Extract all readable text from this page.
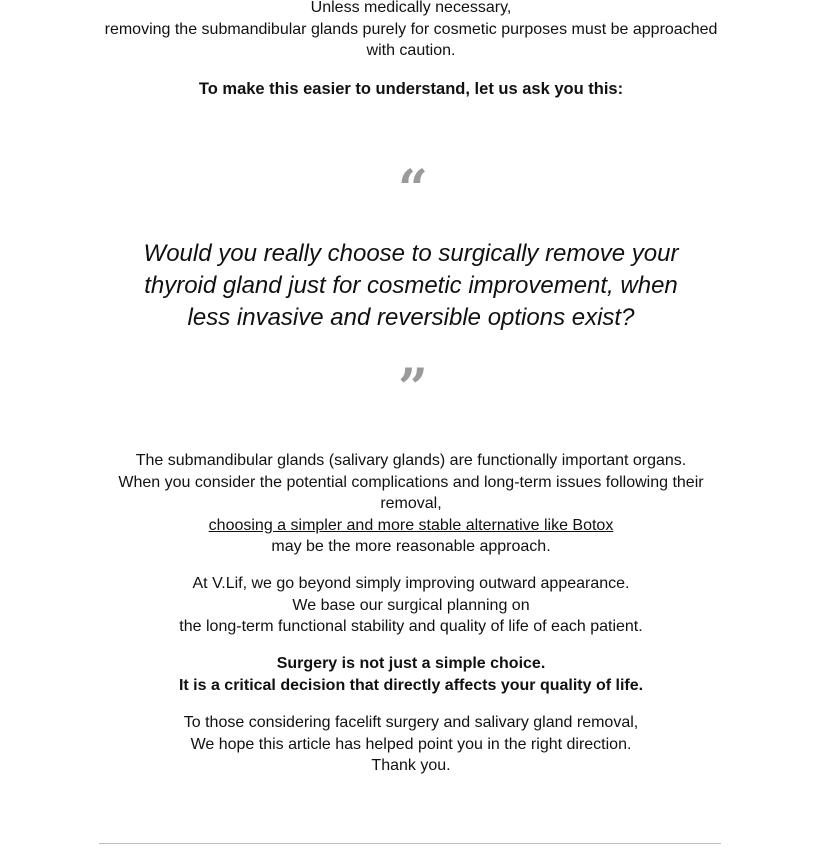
Unless medically necessary,
removing the submandibular glands purely for cosmetic purposes must be approached with caution.

To make this easier to understand, let us ask you this:

“
Would you really choose to surgically remove your
thyroid gland just for cosmetic improvement, when
less invasive and reversible options exist?
”

The submandibular glands (salivary glands) are functionally important organs.
When you consider the potential complications and long-term issues following their removal,
choosing a simpler and more stable alternative like Botox
may be the more reasonable approach.

At V.Lif, we go beyond simply improving outward appearance.
We base our surgical planning on
the long-term functional stability and quality of life of each patient.

Surgery is not just a simple choice.
It is a critical decision that directly affects your quality of life.

To those considering facelift surgery and salivary gland removal,
We hope this article has helped point you in the right direction.
Thank you.
